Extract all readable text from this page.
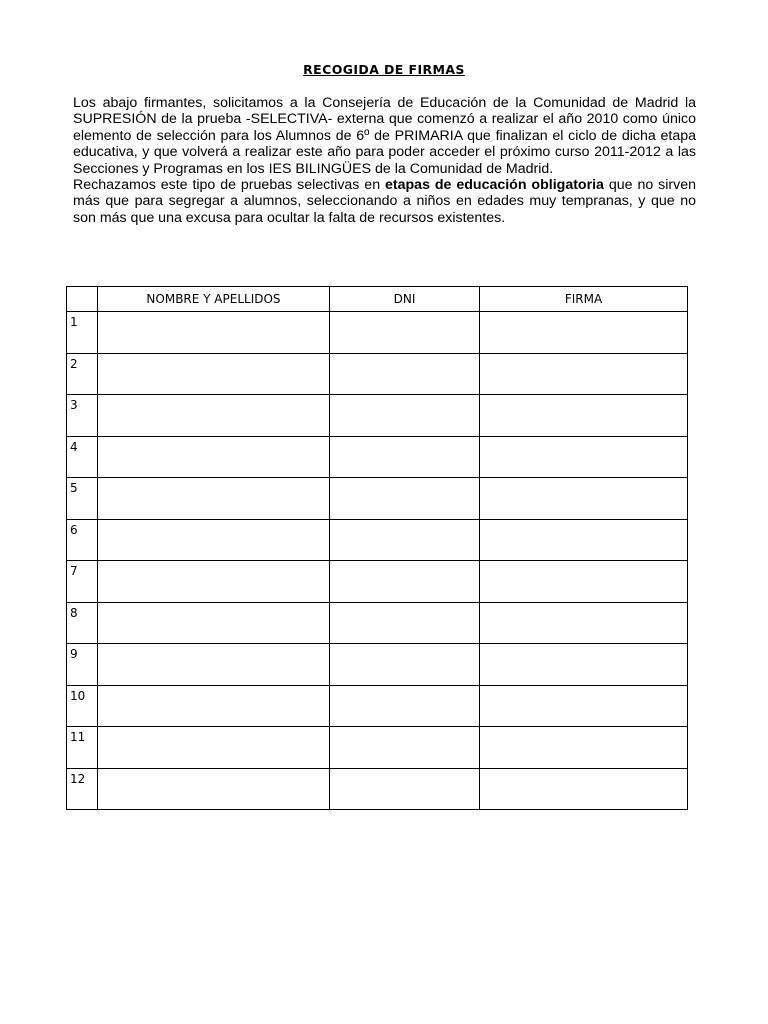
RECOGIDA DE FIRMAS

Los abajo firmantes, solicitamos a la Consejería de Educación de la Comunidad de Madrid la SUPRESIÓN de la prueba -SELECTIVA- externa que comenzó a realizar el año 2010 como único elemento de selección para los Alumnos de 6º de PRIMARIA que finalizan el ciclo de dicha etapa educativa, y que volverá a realizar este año para poder acceder el próximo curso 2011-2012 a las Secciones y Programas en los IES BILINGÜES de la Comunidad de Madrid.

Rechazamos este tipo de pruebas selectivas en etapas de educación obligatoria que no sirven más que para segregar a alumnos, seleccionando a niños en edades muy tempranas, y que no son más que una excusa para ocultar la falta de recursos existentes.

	NOMBRE Y APELLIDOS	DNI	FIRMA
1			
2			
3			
4			
5			
6			
7			
8			
9			
10			
11			
12			
